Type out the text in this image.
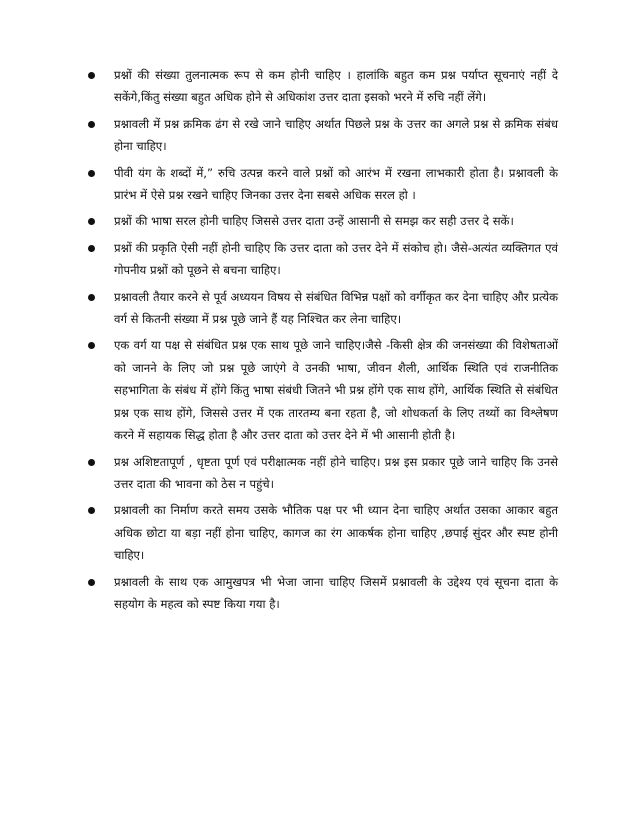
प्रश्नों की संख्या तुलनात्मक रूप से कम होनी चाहिए । हालांकि बहुत कम प्रश्न पर्याप्त सूचनाएं नहीं दे सकेंगे,किंतु संख्या बहुत अधिक होने से अधिकांश उत्तर दाता इसको भरने में रुचि नहीं लेंगे।
प्रश्नावली में प्रश्न क्रमिक ढंग से रखे जाने चाहिए अर्थात पिछले प्रश्न के उत्तर का अगले प्रश्न से क्रमिक संबंध होना चाहिए।
पीवी यंग के शब्दों में,” रुचि उत्पन्न करने वाले प्रश्नों को आरंभ में रखना लाभकारी होता है। प्रश्नावली के प्रारंभ में ऐसे प्रश्न रखने चाहिए जिनका उत्तर देना सबसे अधिक सरल हो ।
प्रश्नों की भाषा सरल होनी चाहिए जिससे उत्तर दाता उन्हें आसानी से समझ कर सही उत्तर दे सकें।
प्रश्नों की प्रकृति ऐसी नहीं होनी चाहिए कि उत्तर दाता को उत्तर देने में संकोच हो। जैसे-अत्यंत व्यक्तिगत एवं गोपनीय प्रश्नों को पूछने से बचना चाहिए।
प्रश्नावली तैयार करने से पूर्व अध्ययन विषय से संबंधित विभिन्न पक्षों को वर्गीकृत कर देना चाहिए और प्रत्येक वर्ग से कितनी संख्या में प्रश्न पूछे जाने हैं यह निश्चित कर लेना चाहिए।
एक वर्ग या पक्ष से संबंधित प्रश्न एक साथ पूछे जाने चाहिए।जैसे -किसी क्षेत्र की जनसंख्या की विशेषताओं को जानने के लिए जो प्रश्न पूछे जाएंगे वे उनकी भाषा, जीवन शैली, आर्थिक स्थिति एवं राजनीतिक सहभागिता के संबंध में होंगे किंतु भाषा संबंधी जितने भी प्रश्न होंगे एक साथ होंगे, आर्थिक स्थिति से संबंधित प्रश्न एक साथ होंगे, जिससे उत्तर में एक तारतम्य बना रहता है, जो शोधकर्ता के लिए तथ्यों का विश्लेषण करने में सहायक सिद्ध होता है और उत्तर दाता को उत्तर देने में भी आसानी होती है।
प्रश्न अशिष्टतापूर्ण , धृष्टता पूर्ण एवं परीक्षात्मक नहीं होने चाहिए। प्रश्न इस प्रकार पूछे जाने चाहिए कि उनसे उत्तर दाता की भावना को ठेस न पहुंचे।
प्रश्नावली का निर्माण करते समय उसके भौतिक पक्ष पर भी ध्यान देना चाहिए अर्थात उसका आकार बहुत अधिक छोटा या बड़ा नहीं होना चाहिए, कागज का रंग आकर्षक होना चाहिए ,छपाई सुंदर और स्पष्ट होनी चाहिए।
प्रश्नावली के साथ एक आमुखपत्र भी भेजा जाना चाहिए जिसमें प्रश्नावली के उद्देश्य एवं सूचना दाता के सहयोग के महत्व को स्पष्ट किया गया है।
